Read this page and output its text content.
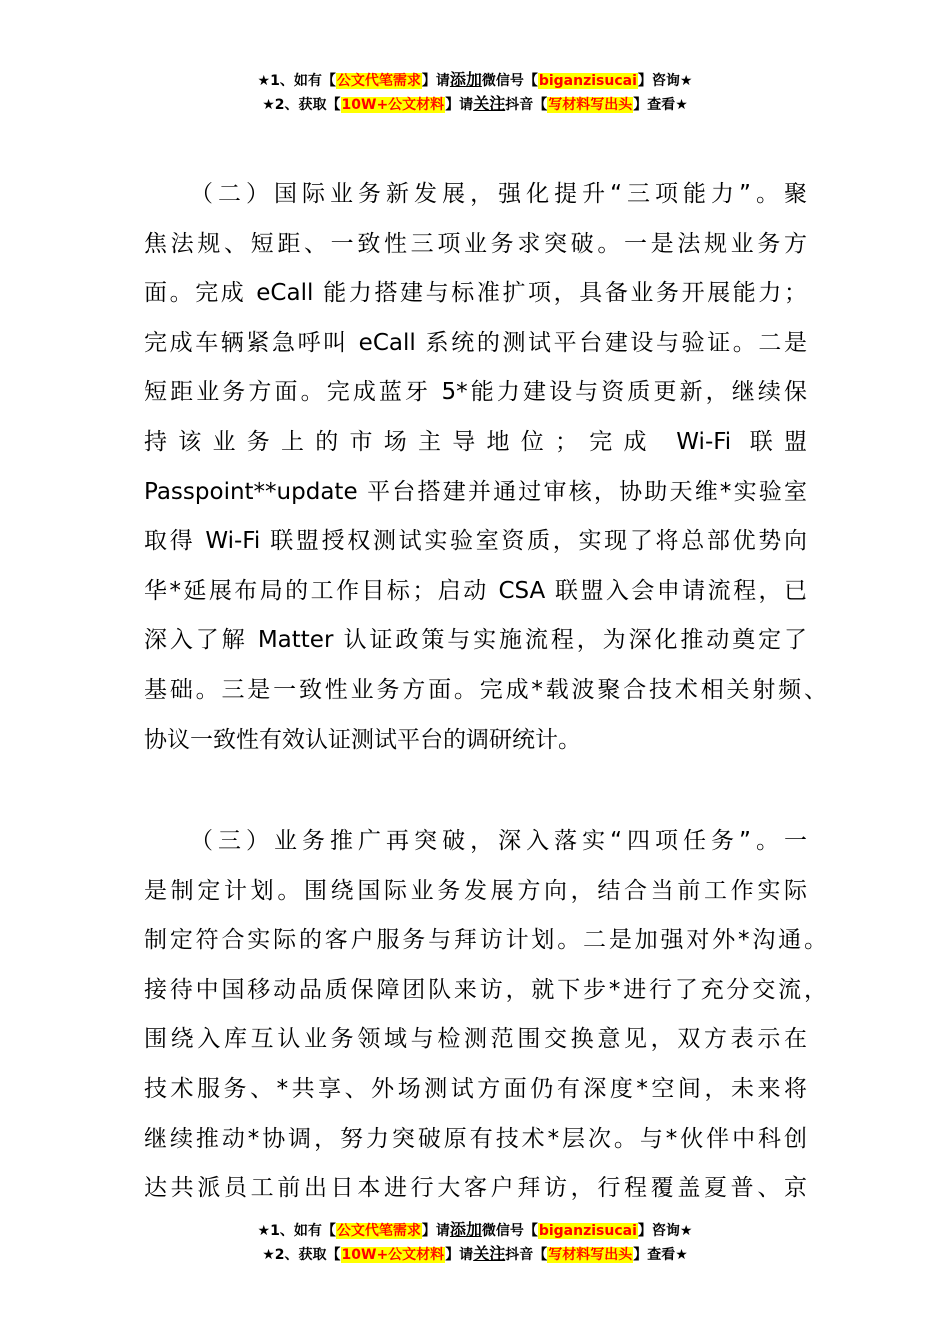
★1、如有【公文代笔需求】请添加微信号【biganzisucai】咨询★
★2、获取【10W+公文材料】请关注抖音【写材料写出头】查看★
（二）国际业务新发展，强化提升“三项能力”。聚
焦法规、短距、一致性三项业务求突破。一是法规业务方
面。完成 eCall 能力搭建与标准扩项，具备业务开展能力；
完成车辆紧急呼叫 eCall 系统的测试平台建设与验证。二是
短距业务方面。完成蓝牙 5*能力建设与资质更新，继续保
持该业务上的市场主导地位；完成 Wi-Fi 联盟
Passpoint**update 平台搭建并通过审核，协助天维*实验室
取得 Wi-Fi 联盟授权测试实验室资质，实现了将总部优势向
华*延展布局的工作目标；启动 CSA 联盟入会申请流程，已
深入了解 Matter 认证政策与实施流程，为深化推动奠定了
基础。三是一致性业务方面。完成*载波聚合技术相关射频、
协议一致性有效认证测试平台的调研统计。
（三）业务推广再突破，深入落实“四项任务”。一
是制定计划。围绕国际业务发展方向，结合当前工作实际
制定符合实际的客户服务与拜访计划。二是加强对外*沟通。
接待中国移动品质保障团队来访，就下步*进行了充分交流，
围绕入库互认业务领域与检测范围交换意见，双方表示在
技术服务、*共享、外场测试方面仍有深度*空间，未来将
继续推动*协调，努力突破原有技术*层次。与*伙伴中科创
达共派员工前出日本进行大客户拜访，行程覆盖夏普、京
★1、如有【公文代笔需求】请添加微信号【biganzisucai】咨询★
★2、获取【10W+公文材料】请关注抖音【写材料写出头】查看★
